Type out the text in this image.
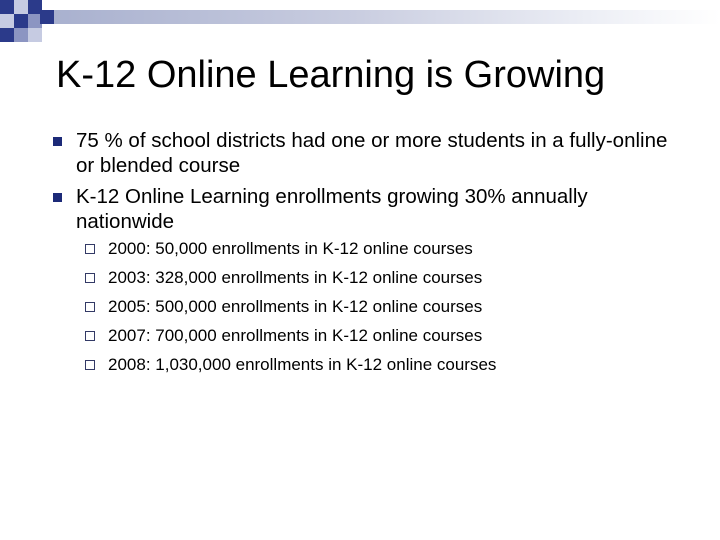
K-12 Online Learning is Growing
75 % of school districts had one or more students in a fully-online or blended course
K-12 Online Learning enrollments growing 30% annually nationwide
2000: 50,000 enrollments in K-12 online courses
2003: 328,000 enrollments in K-12 online courses
2005: 500,000 enrollments in K-12 online courses
2007: 700,000 enrollments in K-12 online courses
2008: 1,030,000 enrollments in K-12 online courses
